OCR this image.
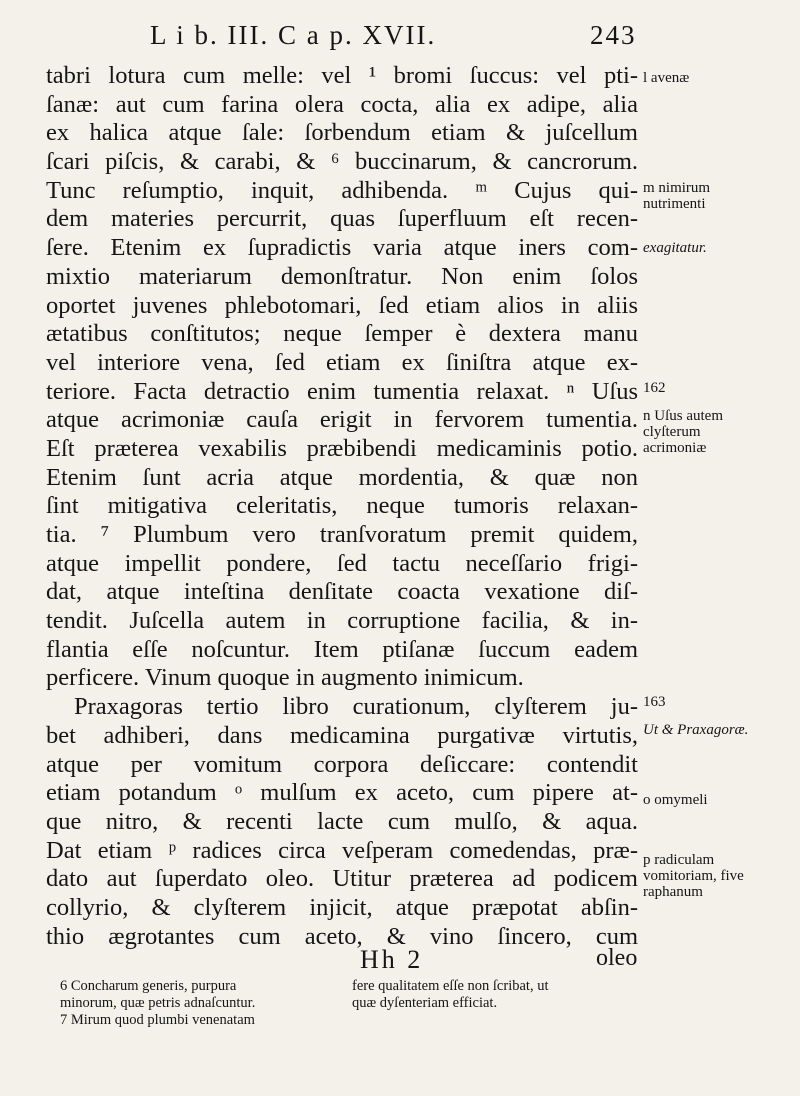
L i b. III. C a p. XVII.	243
tabri lotura cum melle: vel ¹ bromi ſuccus: vel pti-
ſanæ: aut cum farina olera cocta, alia ex adipe, alia
ex halica atque ſale: ſorbendum etiam & juſcellum
ſcari piſcis, & carabi, & ⁶ buccinarum, & cancrorum.
Tunc reſumptio, inquit, adhibenda. ᵐ Cujus qui-
dem materies percurrit, quas ſuperfluum eſt recen-
ſere. Etenim ex ſupradictis varia atque iners com-
mixtio materiarum demonſtratur. Non enim ſolos
oportet juvenes phlebotomari, ſed etiam alios in aliis
ætatibus conſtitutos; neque ſemper è dextera manu
vel interiore vena, ſed etiam ex ſiniſtra atque ex-
teriore. Facta detractio enim tumentia relaxat. ⁿ Uſus
atque acrimoniæ cauſa erigit in fervorem tumentia.
Eſt præterea vexabilis præbibendi medicaminis potio.
Etenim ſunt acria atque mordentia, & quæ non
ſint mitigativa celeritatis, neque tumoris relaxan-
tia. ⁷ Plumbum vero tranſvoratum premit quidem,
atque impellit pondere, ſed tactu neceſſario frigi-
dat, atque inteſtina denſitate coacta vexatione diſ-
tendit. Juſcella autem in corruptione facilia, & in-
flantia eſſe noſcuntur. Item ptiſanæ ſuccum eadem
perficere. Vinum quoque in augmento inimicum.
Praxagoras tertio libro curationum, clyſterem ju-
bet adhiberi, dans medicamina purgativæ virtutis,
atque per vomitum corpora deſiccare: contendit
etiam potandum ᵒ mulſum ex aceto, cum pipere at-
que nitro, & recenti lacte cum mulſo, & aqua.
Dat etiam ᵖ radices circa veſperam comedendas, præ-
dato aut ſuperdato oleo. Utitur præterea ad podicem
collyrio, & clyſterem injicit, atque præpotat abſin-
thio ægrotantes cum aceto, & vino ſincero, cum
l avenæ
m nimirum nutrimenti
exagitatur.
162
n Uſus autem clyſterum acrimoniæ
163
Ut & Praxagoræ.
o omymeli
p radiculam vomitoriam, five raphanum
Hh 2	oleo
6 Concharum generis, purpura
minorum, quæ petris adnaſcuntur.
7 Mirum quod plumbi venenatam
fere qualitatem eſſe non ſcribat, ut
quæ dyſenteriam efficiat.
